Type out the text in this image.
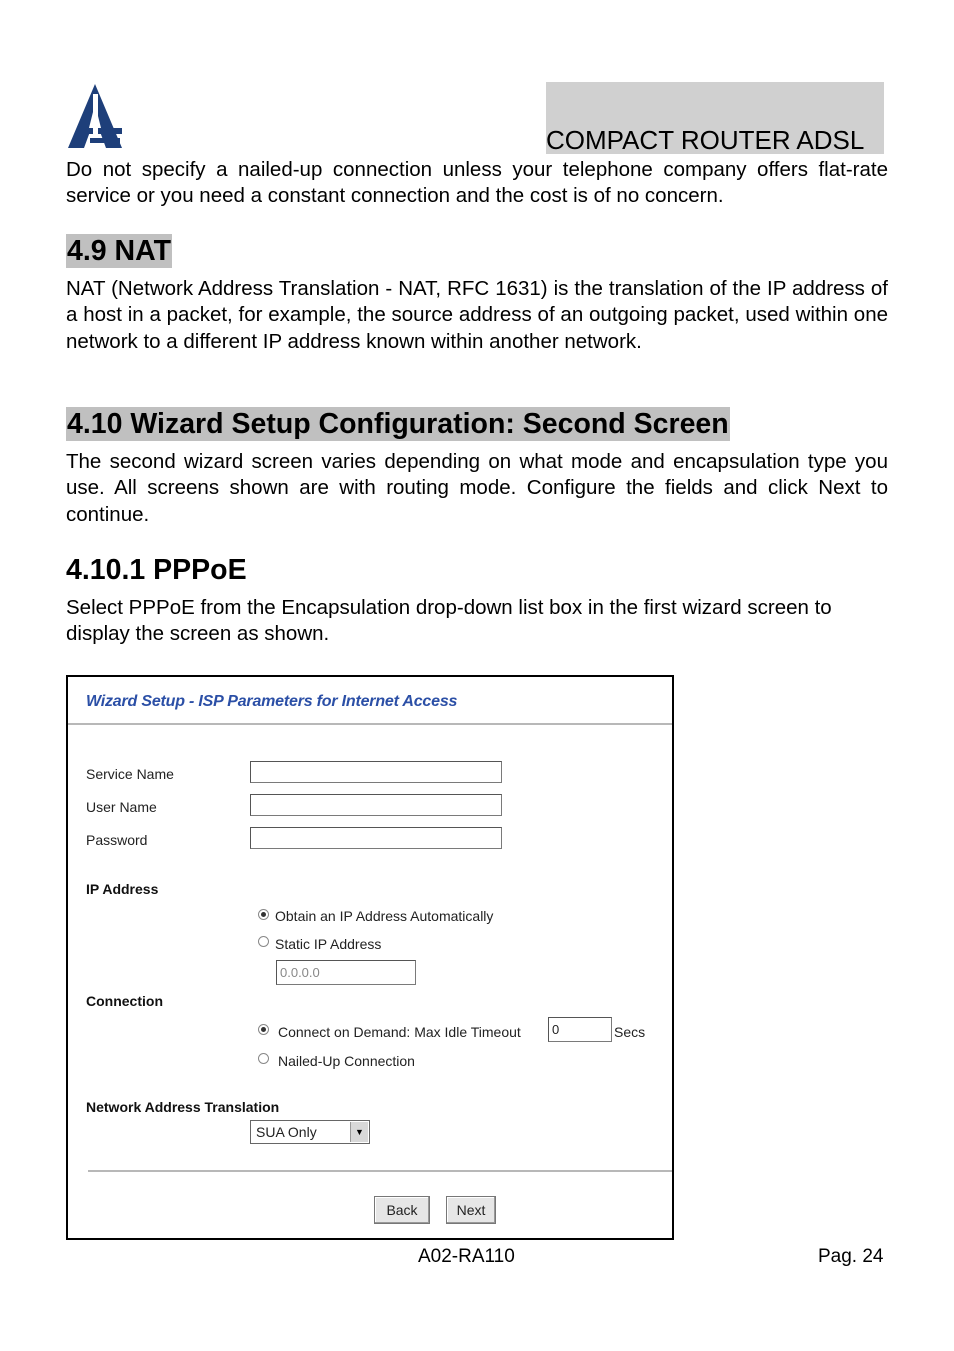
COMPACT ROUTER ADSL
Do not specify a nailed-up connection unless your telephone company offers flat-rate service or you need a constant connection and the cost is of no concern.
4.9 NAT
NAT (Network Address Translation - NAT, RFC 1631) is the translation of the IP address of a host in a packet, for example, the source address of an outgoing packet, used within one network to a different IP address known within another network.
4.10 Wizard Setup Configuration: Second Screen
The second wizard screen varies depending on what mode and encapsulation type you use. All screens shown are with routing mode. Configure the fields and click Next to continue.
4.10.1 PPPoE
Select PPPoE from the Encapsulation drop-down list box in the first wizard screen to display the screen as shown.
Wizard Setup - ISP Parameters for Internet Access
Service Name
User Name
Password
IP Address
Obtain an IP Address Automatically
Static IP Address
0.0.0.0
Connection
Connect on Demand: Max Idle Timeout
0	Secs
Nailed-Up Connection
Network Address Translation
SUA Only	▼
Back	Next
A02-RA110	Pag. 24
